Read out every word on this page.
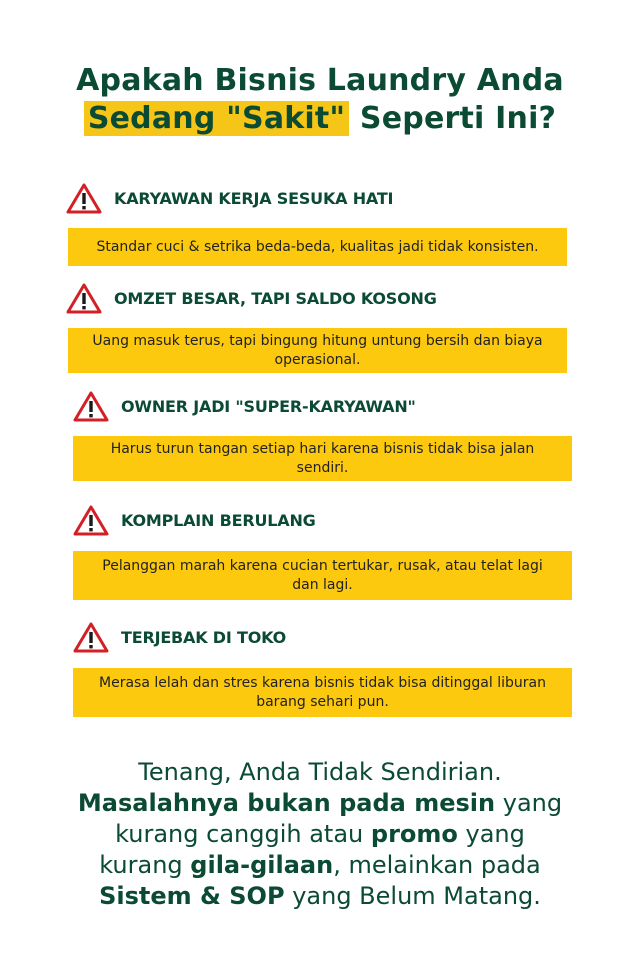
Apakah Bisnis Laundry Anda
Sedang "Sakit" Seperti Ini?
KARYAWAN KERJA SESUKA HATI
Standar cuci & setrika beda-beda, kualitas jadi tidak konsisten.
OMZET BESAR, TAPI SALDO KOSONG
Uang masuk terus, tapi bingung hitung untung bersih dan biaya operasional.
OWNER JADI "SUPER-KARYAWAN"
Harus turun tangan setiap hari karena bisnis tidak bisa jalan sendiri.
KOMPLAIN BERULANG
Pelanggan marah karena cucian tertukar, rusak, atau telat lagi dan lagi.
TERJEBAK DI TOKO
Merasa lelah dan stres karena bisnis tidak bisa ditinggal liburan barang sehari pun.
Tenang, Anda Tidak Sendirian.
Masalahnya bukan pada mesin yang
kurang canggih atau promo yang
kurang gila-gilaan, melainkan pada
Sistem & SOP yang Belum Matang.
